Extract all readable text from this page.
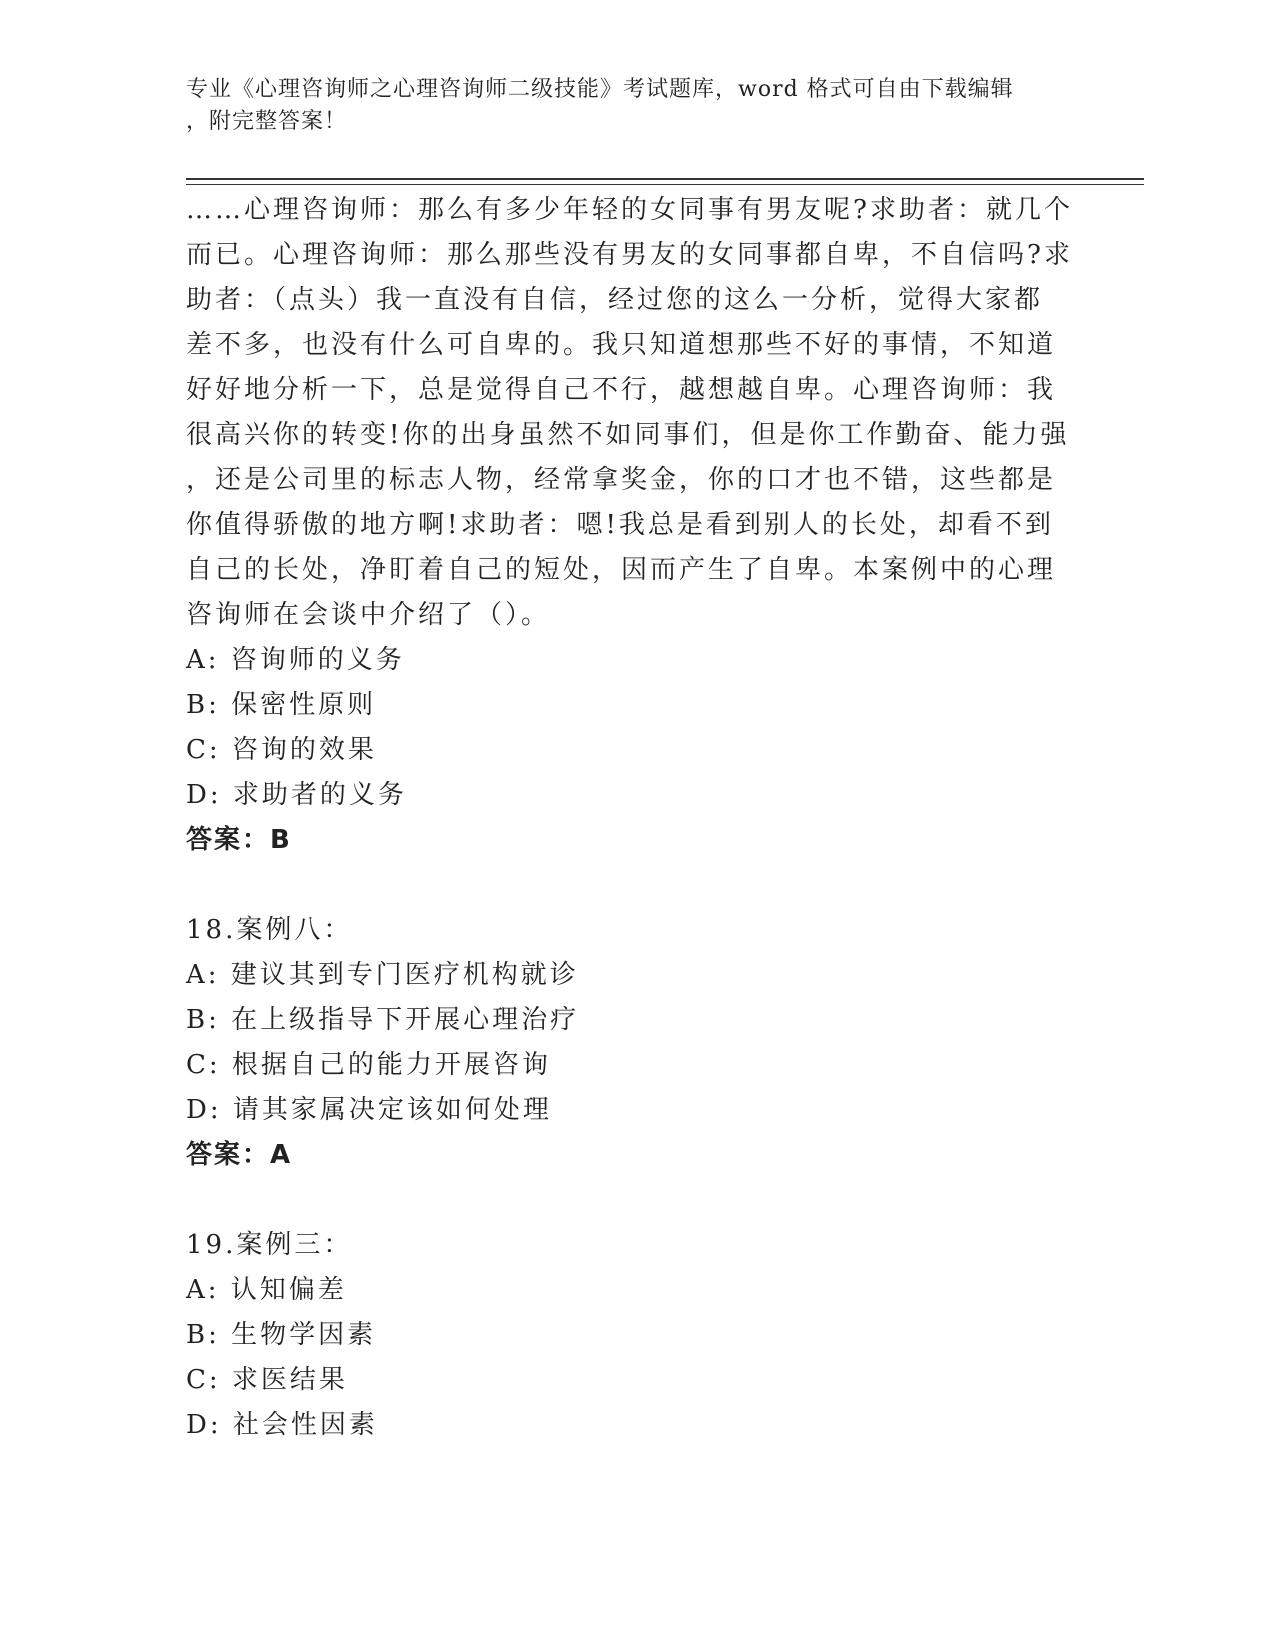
专业《心理咨询师之心理咨询师二级技能》考试题库，word 格式可自由下载编辑
，附完整答案！
……心理咨询师：那么有多少年轻的女同事有男友呢?求助者：就几个
而已。心理咨询师：那么那些没有男友的女同事都自卑，不自信吗?求
助者：（点头）我一直没有自信，经过您的这么一分析，觉得大家都
差不多，也没有什么可自卑的。我只知道想那些不好的事情，不知道
好好地分析一下，总是觉得自己不行，越想越自卑。心理咨询师：我
很高兴你的转变!你的出身虽然不如同事们，但是你工作勤奋、能力强
，还是公司里的标志人物，经常拿奖金，你的口才也不错，这些都是
你值得骄傲的地方啊!求助者：嗯!我总是看到别人的长处，却看不到
自己的长处，净盯着自己的短处，因而产生了自卑。本案例中的心理
咨询师在会谈中介绍了（）。
A: 咨询师的义务
B: 保密性原则
C: 咨询的效果
D: 求助者的义务
答案：B
18.案例八：
A: 建议其到专门医疗机构就诊
B: 在上级指导下开展心理治疗
C: 根据自己的能力开展咨询
D: 请其家属决定该如何处理
答案：A
19.案例三：
A: 认知偏差
B: 生物学因素
C: 求医结果
D: 社会性因素
